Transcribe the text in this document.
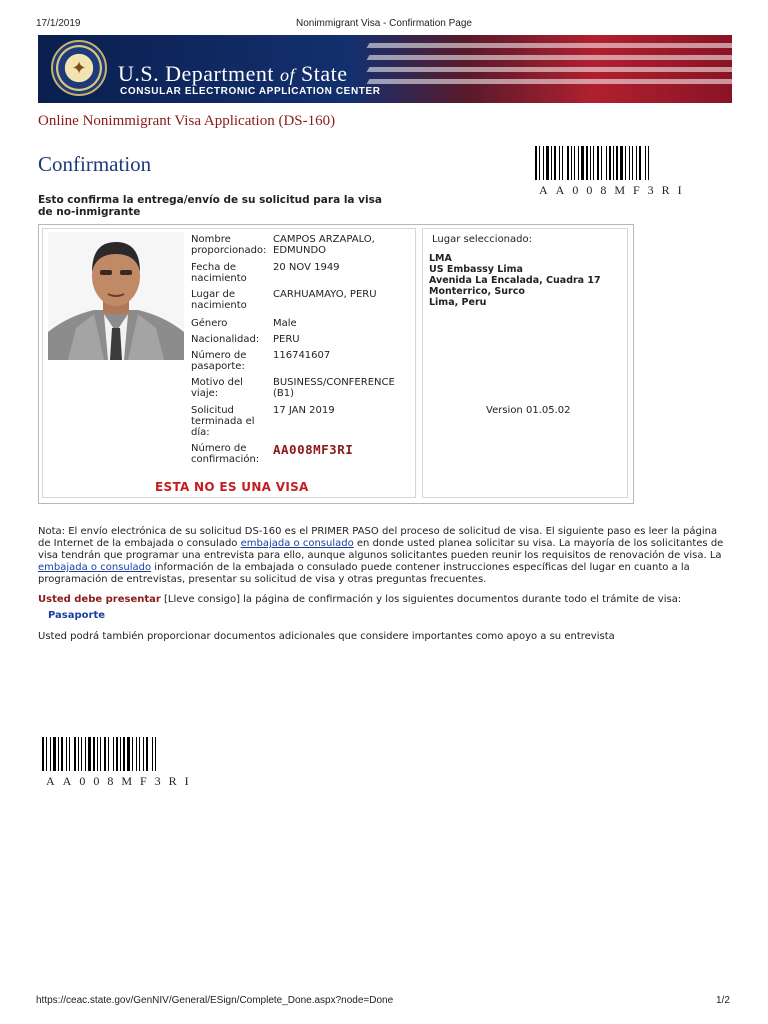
17/1/2019	Nonimmigrant Visa - Confirmation Page
✦ U.S. Department of State
CONSULAR ELECTRONIC APPLICATION CENTER
Online Nonimmigrant Visa Application (DS-160)
Confirmation
AA008MF3RI
Esto confirma la entrega/envío de su solicitud para la visa de no-inmigrante
Nombre proporcionado:
CAMPOS ARZAPALO, EDMUNDO
Fecha de nacimiento
20 NOV 1949
Lugar de nacimiento
CARHUAMAYO, PERU
Género	Male
Nacionalidad:	PERU
Número de pasaporte:
116741607
Motivo del viaje:
BUSINESS/CONFERENCE (B1)
Solicitud terminada el día:
17 JAN 2019
Número de confirmación:
AA008MF3RI
ESTA NO ES UNA VISA
Lugar seleccionado:
LMA
US Embassy Lima
Avenida La Encalada, Cuadra 17
Monterrico, Surco
Lima, Peru
Version 01.05.02
Nota: El envío electrónica de su solicitud DS-160 es el PRIMER PASO del proceso de solicitud de visa. El siguiente paso es leer la página de Internet de la embajada o consulado embajada o consulado en donde usted planea solicitar su visa. La mayoría de los solicitantes de visa tendrán que programar una entrevista para ello, aunque algunos solicitantes pueden reunir los requisitos de renovación de visa. La embajada o consulado información de la embajada o consulado puede contener instrucciones específicas del lugar en cuanto a la programación de entrevistas, presentar su solicitud de visa y otras preguntas frecuentes.
Usted debe presentar [Lleve consigo] la página de confirmación y los siguientes documentos durante todo el trámite de visa:
Pasaporte
Usted podrá también proporcionar documentos adicionales que considere importantes como apoyo a su entrevista
AA008MF3RI
https://ceac.state.gov/GenNIV/General/ESign/Complete_Done.aspx?node=Done	1/2
